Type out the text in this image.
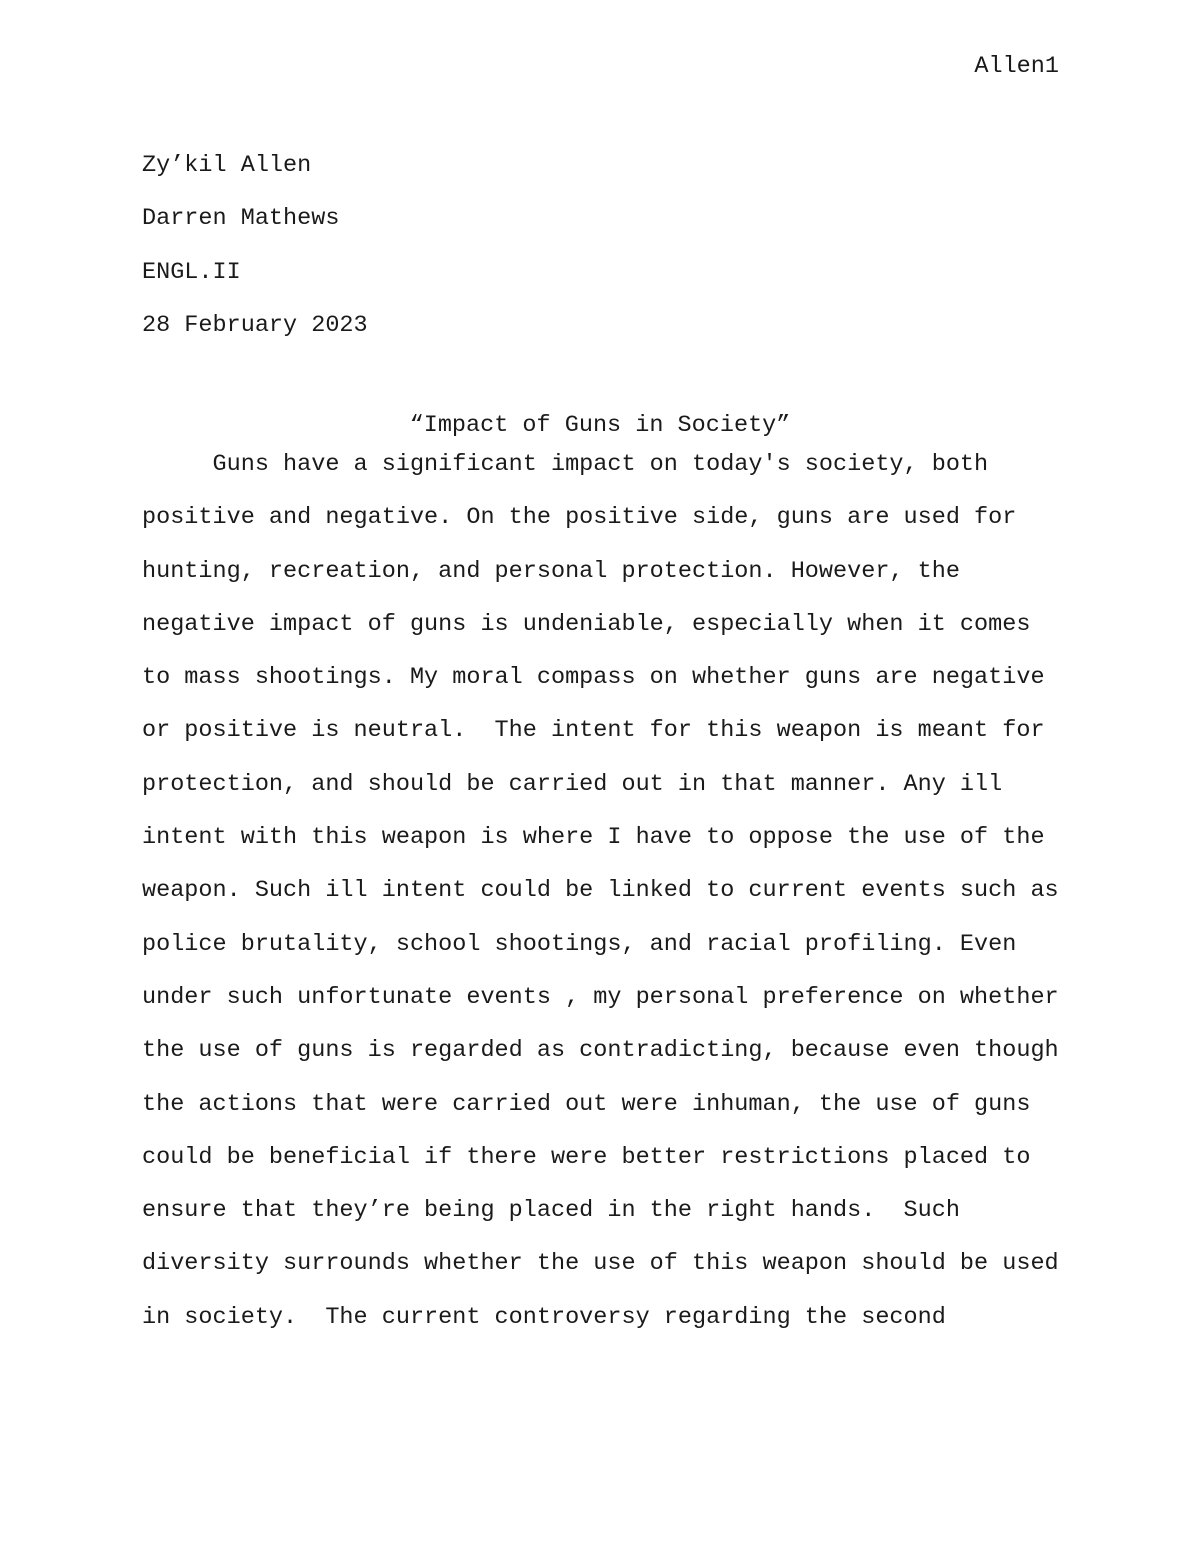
Allen1
Zy’kil Allen
Darren Mathews
ENGL.II
28 February 2023
“Impact of Guns in Society”
Guns have a significant impact on today's society, both
positive and negative. On the positive side, guns are used for
hunting, recreation, and personal protection. However, the
negative impact of guns is undeniable, especially when it comes
to mass shootings. My moral compass on whether guns are negative
or positive is neutral.  The intent for this weapon is meant for
protection, and should be carried out in that manner. Any ill
intent with this weapon is where I have to oppose the use of the
weapon. Such ill intent could be linked to current events such as
police brutality, school shootings, and racial profiling. Even
under such unfortunate events , my personal preference on whether
the use of guns is regarded as contradicting, because even though
the actions that were carried out were inhuman, the use of guns
could be beneficial if there were better restrictions placed to
ensure that they’re being placed in the right hands.  Such
diversity surrounds whether the use of this weapon should be used
in society.  The current controversy regarding the second
